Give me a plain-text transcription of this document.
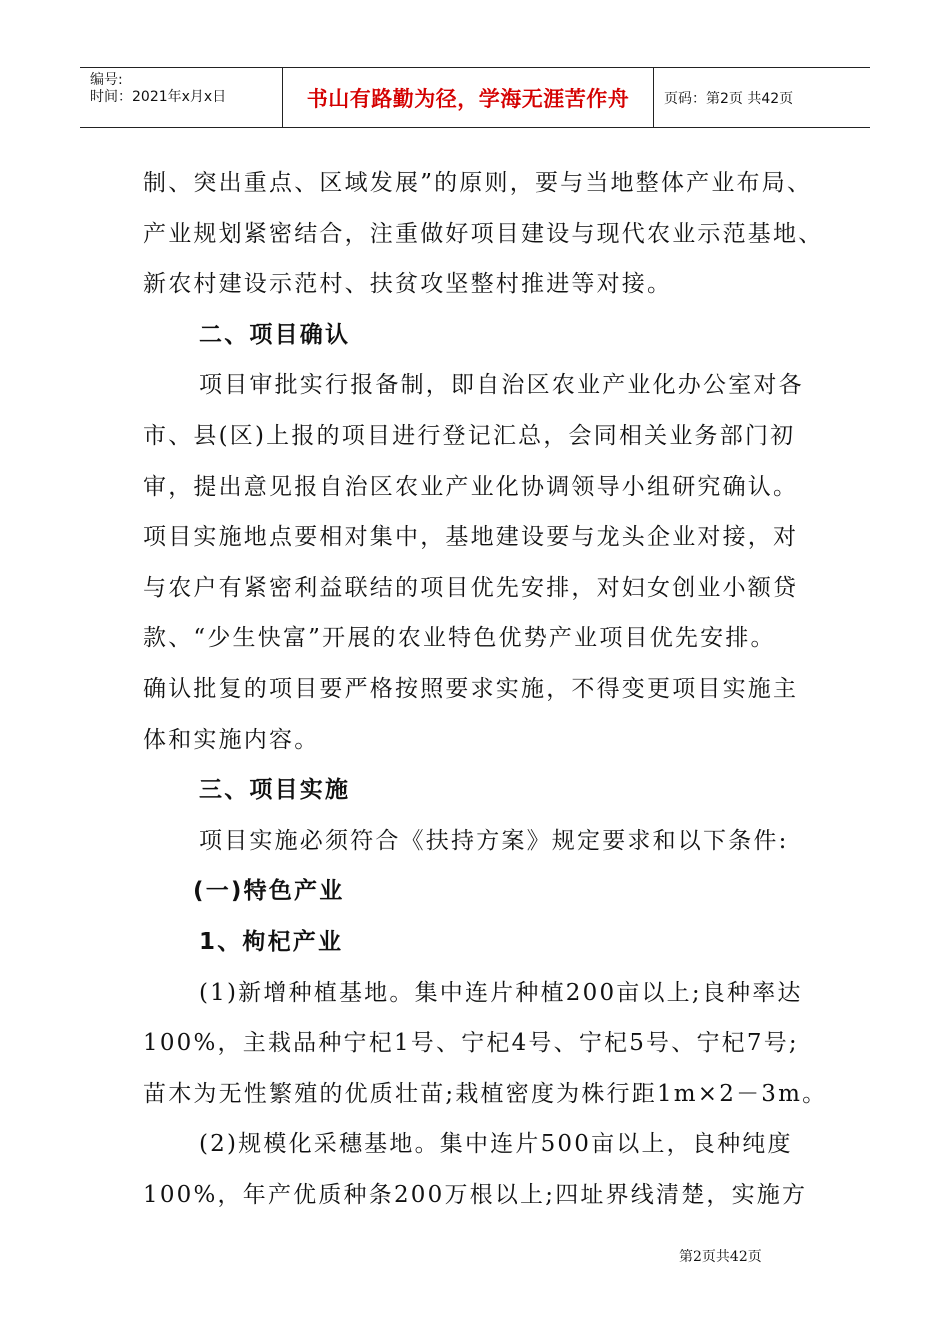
编号:
时间：2021年x月x日	书山有路勤为径，学海无涯苦作舟	页码：第2页 共42页

制、突出重点、区域发展”的原则，要与当地整体产业布局、

产业规划紧密结合，注重做好项目建设与现代农业示范基地、

新农村建设示范村、扶贫攻坚整村推进等对接。

二、项目确认

项目审批实行报备制，即自治区农业产业化办公室对各

市、县(区)上报的项目进行登记汇总，会同相关业务部门初

审，提出意见报自治区农业产业化协调领导小组研究确认。

项目实施地点要相对集中，基地建设要与龙头企业对接，对

与农户有紧密利益联结的项目优先安排，对妇女创业小额贷

款、“少生快富”开展的农业特色优势产业项目优先安排。

确认批复的项目要严格按照要求实施，不得变更项目实施主

体和实施内容。

三、项目实施

项目实施必须符合《扶持方案》规定要求和以下条件:

(一)特色产业

1、枸杞产业

(1)新增种植基地。集中连片种植200亩以上;良种率达

100%，主栽品种宁杞1号、宁杞4号、宁杞5号、宁杞7号;

苗木为无性繁殖的优质壮苗;栽植密度为株行距1m×2－3m。

(2)规模化采穗基地。集中连片500亩以上，良种纯度

100%，年产优质种条200万根以上;四址界线清楚，实施方

第2页共42页
